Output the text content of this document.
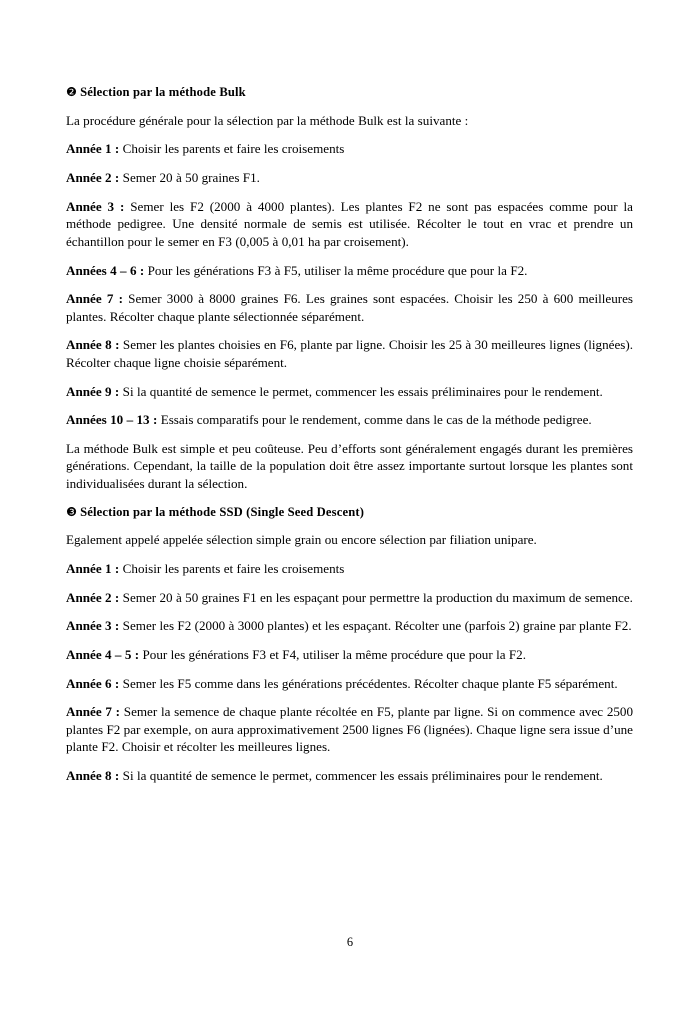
❷ Sélection par la méthode Bulk

La procédure générale pour la sélection par la méthode Bulk est la suivante :

Année 1 : Choisir les parents et faire les croisements

Année 2 : Semer 20 à 50 graines F1.

Année 3 : Semer les F2 (2000 à 4000 plantes). Les plantes F2 ne sont pas espacées comme pour la méthode pedigree. Une densité normale de semis est utilisée. Récolter le tout en vrac et prendre un échantillon pour le semer en F3 (0,005 à 0,01 ha par croisement).

Années 4 – 6 : Pour les générations F3 à F5, utiliser la même procédure que pour la F2.

Année 7 : Semer 3000 à 8000 graines F6. Les graines sont espacées. Choisir les 250 à 600 meilleures plantes. Récolter chaque plante sélectionnée séparément.

Année 8 : Semer les plantes choisies en F6, plante par ligne. Choisir les 25 à 30 meilleures lignes (lignées). Récolter chaque ligne choisie séparément.

Année 9 : Si la quantité de semence le permet, commencer les essais préliminaires pour le rendement.

Années 10 – 13 : Essais comparatifs pour le rendement, comme dans le cas de la méthode pedigree.

La méthode Bulk est simple et peu coûteuse. Peu d’efforts sont généralement engagés durant les premières générations. Cependant, la taille de la population doit être assez importante surtout lorsque les plantes sont individualisées durant la sélection.

❸ Sélection par la méthode SSD (Single Seed Descent)

Egalement appelé appelée sélection simple grain ou encore sélection par filiation unipare.

Année 1 : Choisir les parents et faire les croisements

Année 2 : Semer 20 à 50 graines F1 en les espaçant pour permettre la production du maximum de semence.

Année 3 : Semer les F2 (2000 à 3000 plantes) et les espaçant. Récolter une (parfois 2) graine par plante F2.

Année 4 – 5 : Pour les générations F3 et F4, utiliser la même procédure que pour la F2.

Année 6 : Semer les F5 comme dans les générations précédentes. Récolter chaque plante F5 séparément.

Année 7 : Semer la semence de chaque plante récoltée en F5, plante par ligne. Si on commence avec 2500 plantes F2 par exemple, on aura approximativement 2500 lignes F6 (lignées). Chaque ligne sera issue d’une plante F2. Choisir et récolter les meilleures lignes.

Année 8 : Si la quantité de semence le permet, commencer les essais préliminaires pour le rendement.

6
